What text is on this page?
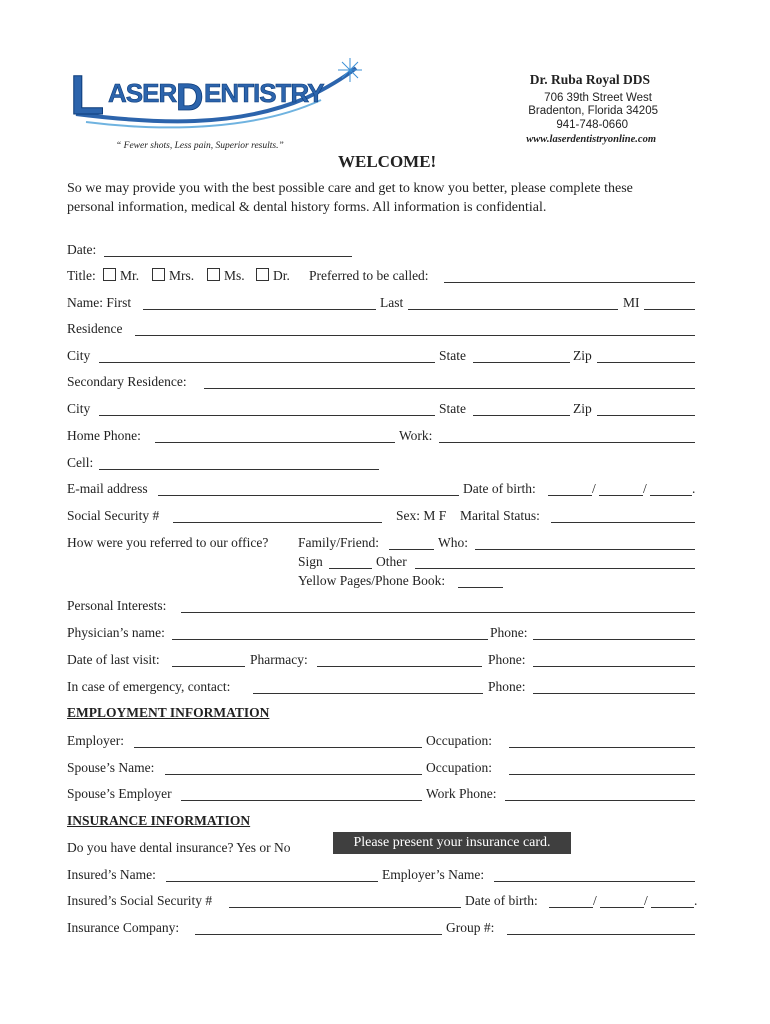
L ASER D ENTISTRY
“ Fewer shots, Less pain, Superior results.”
Dr. Ruba Royal DDS
706 39th Street West
Bradenton, Florida 34205
941-748-0660
www.laserdentistryonline.com
WELCOME!
So we may provide you with the best possible care and get to know you better, please complete these
personal information, medical & dental history forms. All information is confidential.
Date:
Title:	Mr.	Mrs.	Ms.	Dr. Preferred to be called:
Name: First	Last	MI
Residence
City	State	Zip
Secondary Residence:
City	State	Zip
Home Phone:	Work:
Cell:
E-mail address	Date of birth:	/	/	.
Social Security #	Sex: M F Marital Status:
How were you referred to our office? Family/Friend:	Who:
Sign	Other
Yellow Pages/Phone Book:
Personal Interests:
Physician’s name:	Phone:
Date of last visit:	Pharmacy:	Phone:
In case of emergency, contact:	Phone:
EMPLOYMENT INFORMATION
Employer:	Occupation:
Spouse’s Name:	Occupation:
Spouse’s Employer	Work Phone:
INSURANCE INFORMATION
Do you have dental insurance? Yes or No	Please present your insurance card.
Insured’s Name:	Employer’s Name:
Insured’s Social Security #	Date of birth:	/	/	.
Insurance Company:	Group #:
